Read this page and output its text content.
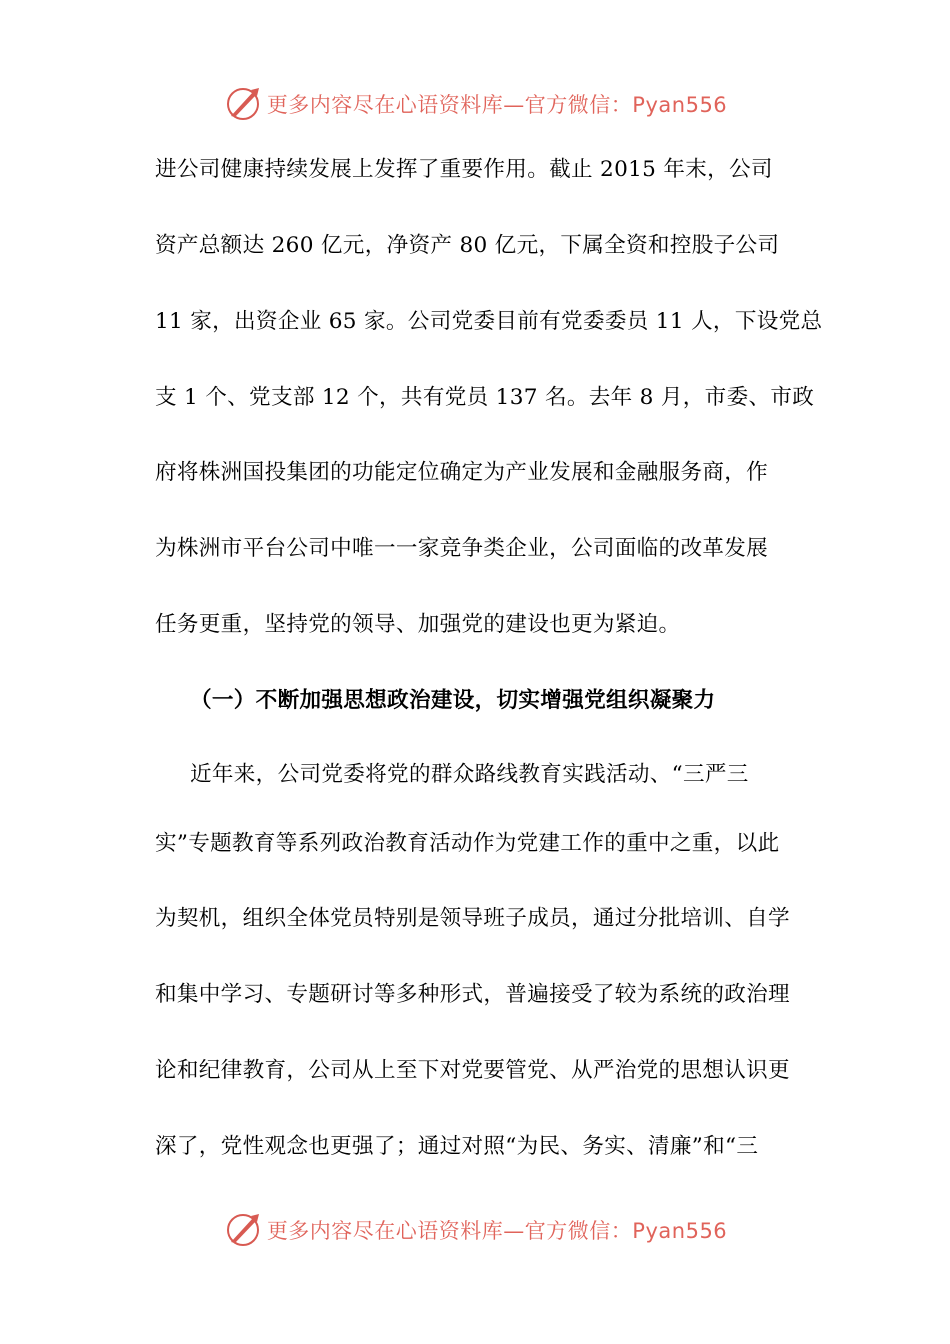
更多内容尽在心语资料库—官方微信：Pyan556
进公司健康持续发展上发挥了重要作用。截止 2015 年末，公司
资产总额达 260 亿元，净资产 80 亿元，下属全资和控股子公司
11 家，出资企业 65 家。公司党委目前有党委委员 11 人，下设党总
支 1 个、党支部 12 个，共有党员 137 名。去年 8 月，市委、市政
府将株洲国投集团的功能定位确定为产业发展和金融服务商，作
为株洲市平台公司中唯一一家竞争类企业，公司面临的改革发展
任务更重，坚持党的领导、加强党的建设也更为紧迫。
（一）不断加强思想政治建设，切实增强党组织凝聚力
近年来，公司党委将党的群众路线教育实践活动、“三严三
实”专题教育等系列政治教育活动作为党建工作的重中之重，以此
为契机，组织全体党员特别是领导班子成员，通过分批培训、自学
和集中学习、专题研讨等多种形式，普遍接受了较为系统的政治理
论和纪律教育，公司从上至下对党要管党、从严治党的思想认识更
深了，党性观念也更强了；通过对照“为民、务实、清廉”和“三
更多内容尽在心语资料库—官方微信：Pyan556
